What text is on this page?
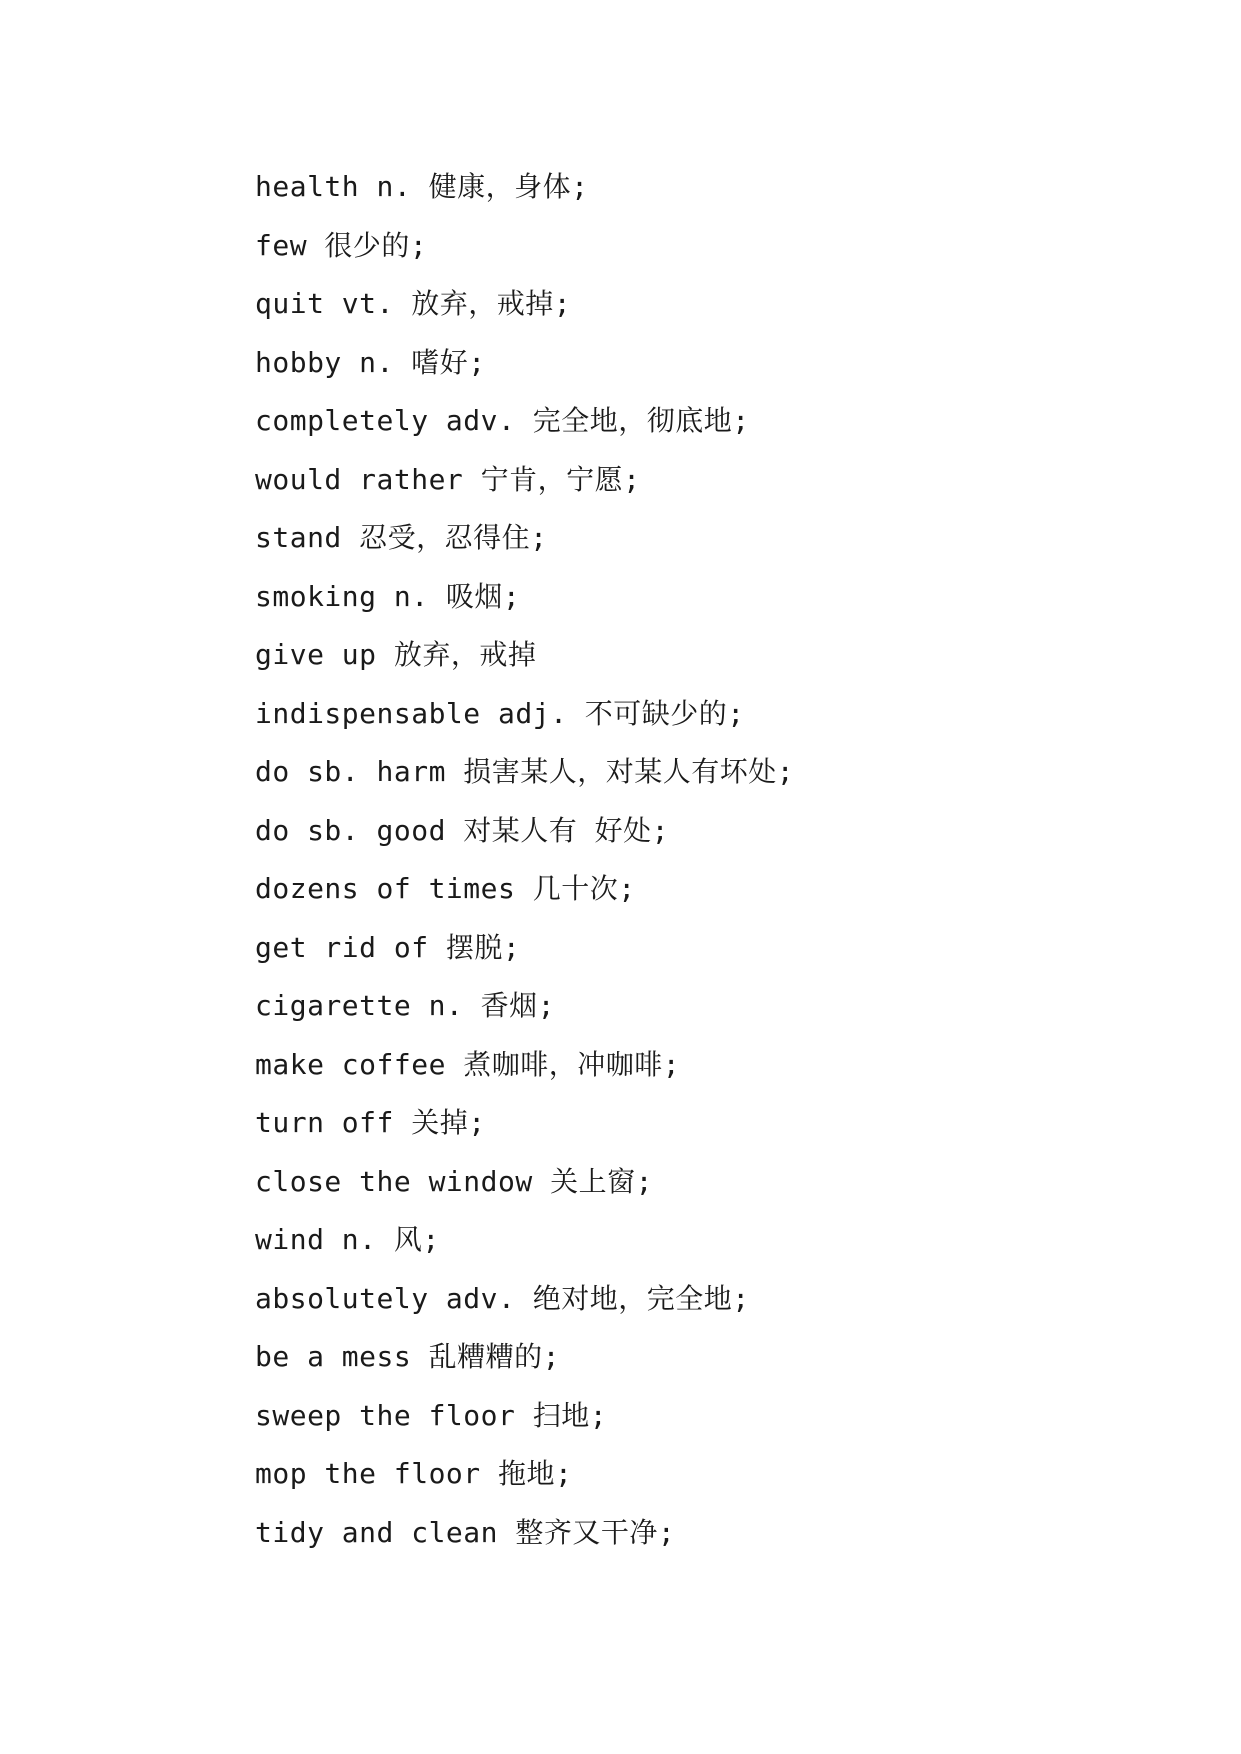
health n. 健康，身体;
few 很少的;
quit vt. 放弃，戒掉;
hobby n. 嗜好;
completely adv. 完全地，彻底地;
would rather 宁肯，宁愿;
stand 忍受，忍得住;
smoking n. 吸烟;
give up 放弃，戒掉
indispensable adj. 不可缺少的;
do sb. harm 损害某人，对某人有坏处;
do sb. good 对某人有 好处;
dozens of times 几十次;
get rid of 摆脱;
cigarette n. 香烟;
make coffee 煮咖啡，冲咖啡;
turn off 关掉;
close the window 关上窗;
wind n. 风;
absolutely adv. 绝对地，完全地;
be a mess 乱糟糟的;
sweep the floor 扫地;
mop the floor 拖地;
tidy and clean 整齐又干净;
